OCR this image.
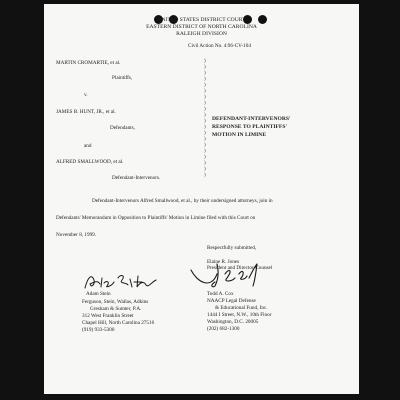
UNITED STATES DISTRICT COURT
EASTERN DISTRICT OF NORTH CAROLINA
RALEIGH DIVISION
Civil Action No. 4:96-CV-104
MARTIN CROMARTIE, et al.
Plaintiffs,
v.
JAMES B. HUNT, JR., et al.
Defendants,
and
ALFRED SMALLWOOD, et al.
Defendant-Intervenors.
)
)
)
)
)
)
)
)
)
)
)
)
)
)
)
)
)
)
)
)
DEFENDANT-INTERVENORS'
RESPONSE TO PLAINTIFFS'
MOTION IN LIMINE
Defendant-Intervenors Alfred Smallwood, et al., by their undersigned attorneys, join in
Defendants' Memorandum in Opposition to Plaintiffs' Motion in Limine filed with this Court on
November 8, 1999.
Respectfully submitted,
Elaine R. Jones
President and Director-Counsel
Adam Stein
Ferguson, Stein, Wallas, Adkins
Gresham & Sumter, P.A.
312 West Franklin Street
Chapel Hill, North Carolina 27516
(919) 933-5300
Todd A. Cox
NAACP Legal Defense
& Educational Fund, Inc.
1444 I Street, N.W., 10th Floor
Washington, D.C. 20005
(202) 682-1300
